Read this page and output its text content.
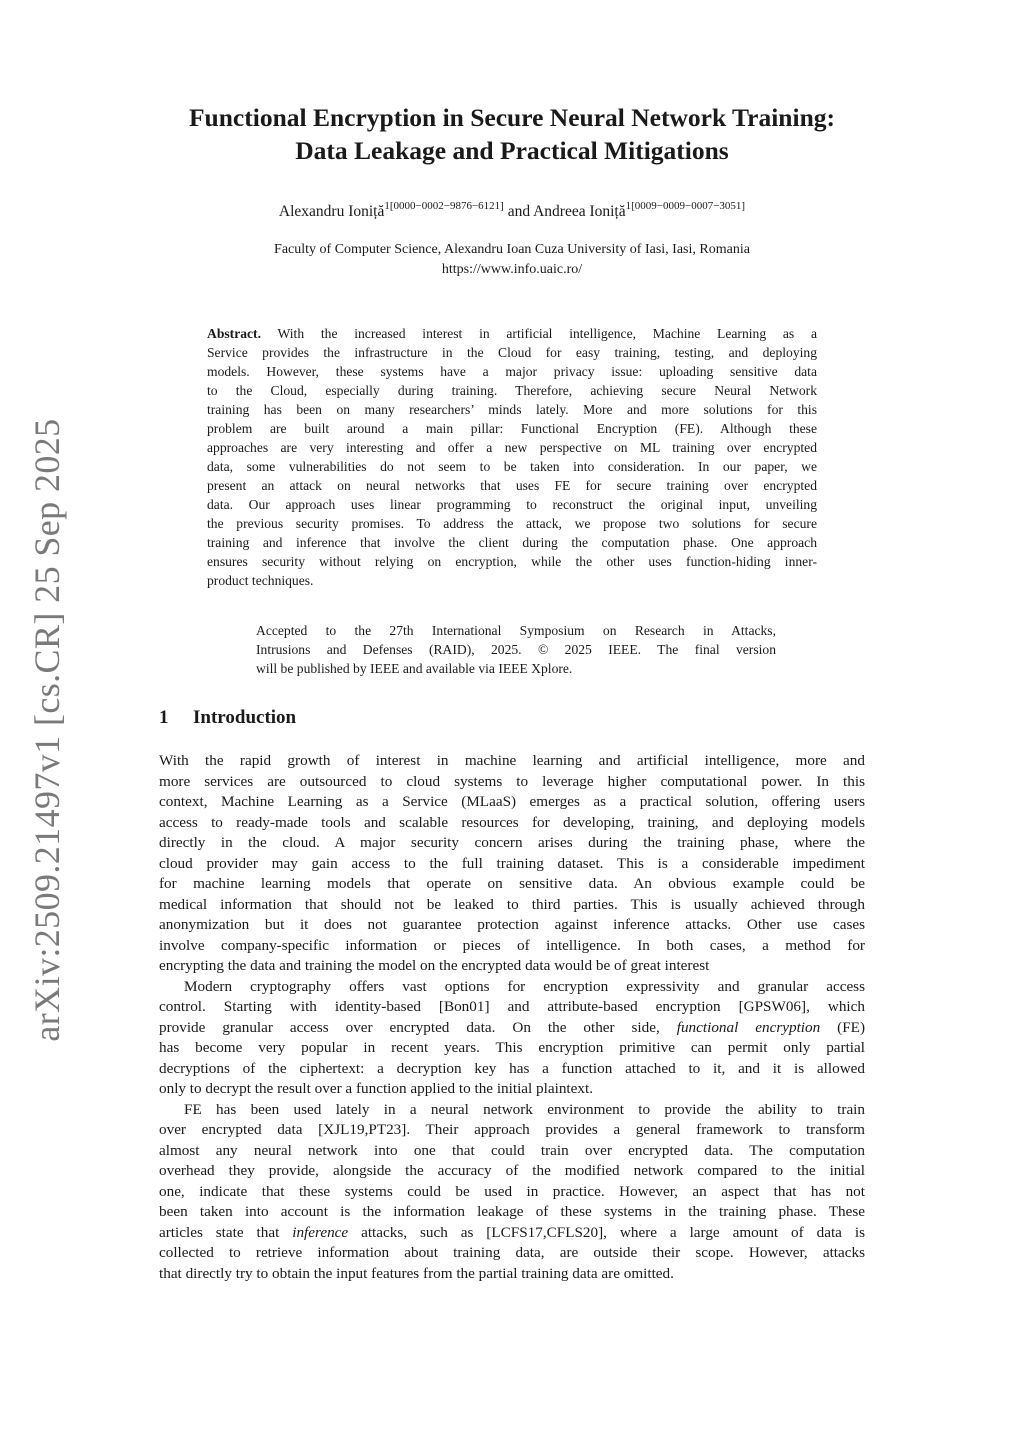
arXiv:2509.21497v1 [cs.CR] 25 Sep 2025
Functional Encryption in Secure Neural Network Training:
Data Leakage and Practical Mitigations
Alexandru Ioniță$^{1[0000-0002-9876-6121]}$ and Andreea Ioniță$^{1[0009-0009-0007-3051]}$
Faculty of Computer Science, Alexandru Ioan Cuza University of Iasi, Iasi, Romania
https://www.info.uaic.ro/
Abstract. With the increased interest in artificial intelligence, Machine Learning as a
Service provides the infrastructure in the Cloud for easy training, testing, and deploying
models. However, these systems have a major privacy issue: uploading sensitive data
to the Cloud, especially during training. Therefore, achieving secure Neural Network
training has been on many researchers’ minds lately. More and more solutions for this
problem are built around a main pillar: Functional Encryption (FE). Although these
approaches are very interesting and offer a new perspective on ML training over encrypted
data, some vulnerabilities do not seem to be taken into consideration. In our paper, we
present an attack on neural networks that uses FE for secure training over encrypted
data. Our approach uses linear programming to reconstruct the original input, unveiling
the previous security promises. To address the attack, we propose two solutions for secure
training and inference that involve the client during the computation phase. One approach
ensures security without relying on encryption, while the other uses function-hiding inner-
product techniques.
Accepted to the 27th International Symposium on Research in Attacks,
Intrusions and Defenses (RAID), 2025. © 2025 IEEE. The final version
will be published by IEEE and available via IEEE Xplore.
1 Introduction
With the rapid growth of interest in machine learning and artificial intelligence, more and
more services are outsourced to cloud systems to leverage higher computational power. In this
context, Machine Learning as a Service (MLaaS) emerges as a practical solution, offering users
access to ready-made tools and scalable resources for developing, training, and deploying models
directly in the cloud. A major security concern arises during the training phase, where the
cloud provider may gain access to the full training dataset. This is a considerable impediment
for machine learning models that operate on sensitive data. An obvious example could be
medical information that should not be leaked to third parties. This is usually achieved through
anonymization but it does not guarantee protection against inference attacks. Other use cases
involve company-specific information or pieces of intelligence. In both cases, a method for
encrypting the data and training the model on the encrypted data would be of great interest
Modern cryptography offers vast options for encryption expressivity and granular access
control. Starting with identity-based [Bon01] and attribute-based encryption [GPSW06], which
provide granular access over encrypted data. On the other side, functional encryption (FE)
has become very popular in recent years. This encryption primitive can permit only partial
decryptions of the ciphertext: a decryption key has a function attached to it, and it is allowed
only to decrypt the result over a function applied to the initial plaintext.
FE has been used lately in a neural network environment to provide the ability to train
over encrypted data [XJL19,PT23]. Their approach provides a general framework to transform
almost any neural network into one that could train over encrypted data. The computation
overhead they provide, alongside the accuracy of the modified network compared to the initial
one, indicate that these systems could be used in practice. However, an aspect that has not
been taken into account is the information leakage of these systems in the training phase. These
articles state that inference attacks, such as [LCFS17,CFLS20], where a large amount of data is
collected to retrieve information about training data, are outside their scope. However, attacks
that directly try to obtain the input features from the partial training data are omitted.
